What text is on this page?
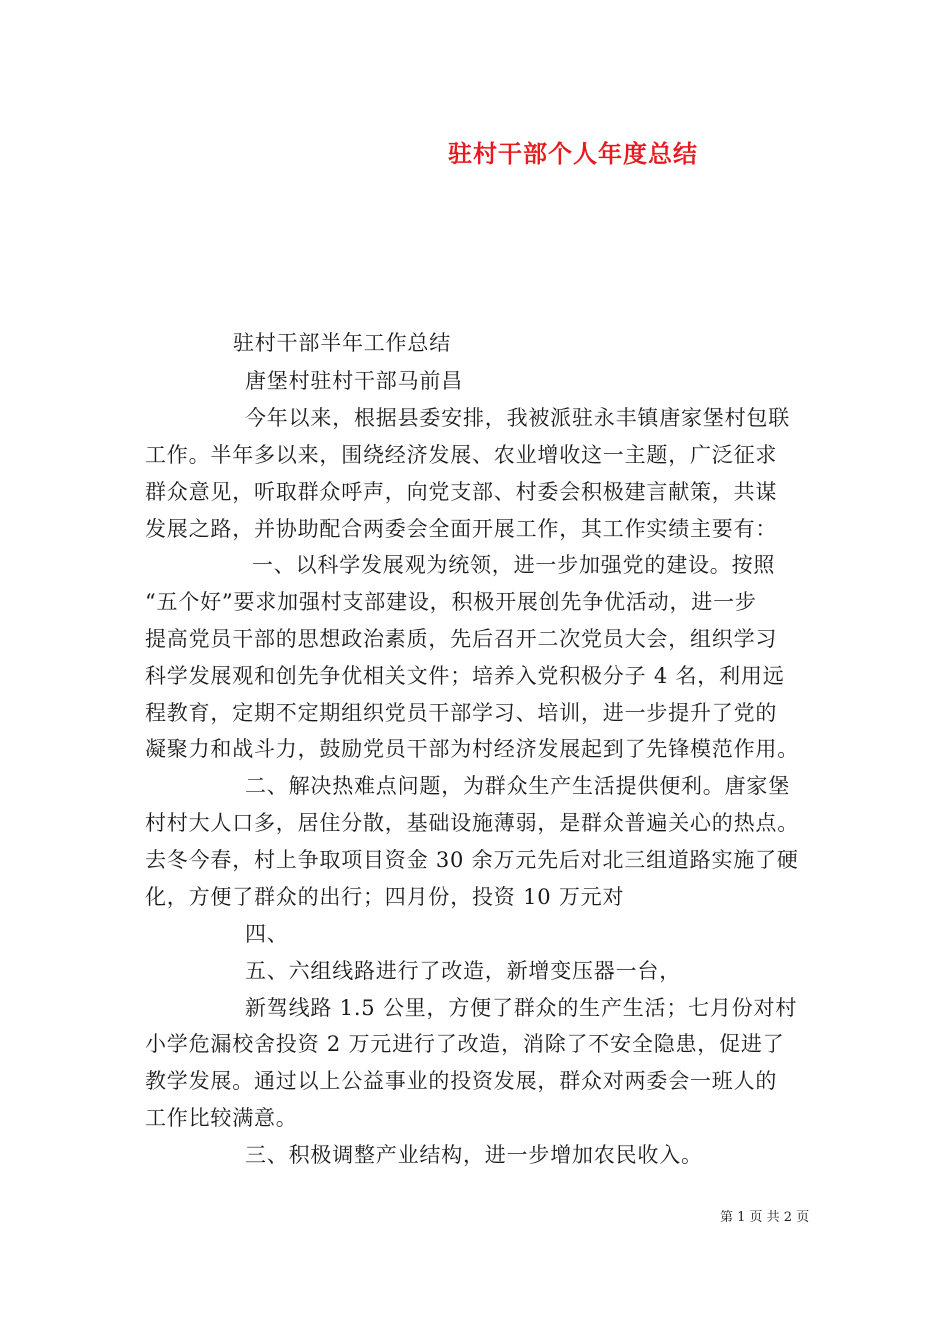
驻村干部个人年度总结
驻村干部半年工作总结
唐堡村驻村干部马前昌
今年以来，根据县委安排，我被派驻永丰镇唐家堡村包联
工作。半年多以来，围绕经济发展、农业增收这一主题，广泛征求
群众意见，听取群众呼声，向党支部、村委会积极建言献策，共谋
发展之路，并协助配合两委会全面开展工作，其工作实绩主要有：
一、以科学发展观为统领，进一步加强党的建设。按照
“五个好”要求加强村支部建设，积极开展创先争优活动，进一步
提高党员干部的思想政治素质，先后召开二次党员大会，组织学习
科学发展观和创先争优相关文件；培养入党积极分子 4 名，利用远
程教育，定期不定期组织党员干部学习、培训，进一步提升了党的
凝聚力和战斗力，鼓励党员干部为村经济发展起到了先锋模范作用。
二、解决热难点问题，为群众生产生活提供便利。唐家堡
村村大人口多，居住分散，基础设施薄弱，是群众普遍关心的热点。
去冬今春，村上争取项目资金 30 余万元先后对北三组道路实施了硬
化，方便了群众的出行；四月份，投资 10 万元对
四、
五、六组线路进行了改造，新增变压器一台，
新驾线路 1.5 公里，方便了群众的生产生活；七月份对村
小学危漏校舍投资 2 万元进行了改造，消除了不安全隐患，促进了
教学发展。通过以上公益事业的投资发展，群众对两委会一班人的
工作比较满意。
三、积极调整产业结构，进一步增加农民收入。
第 1 页 共 2 页
